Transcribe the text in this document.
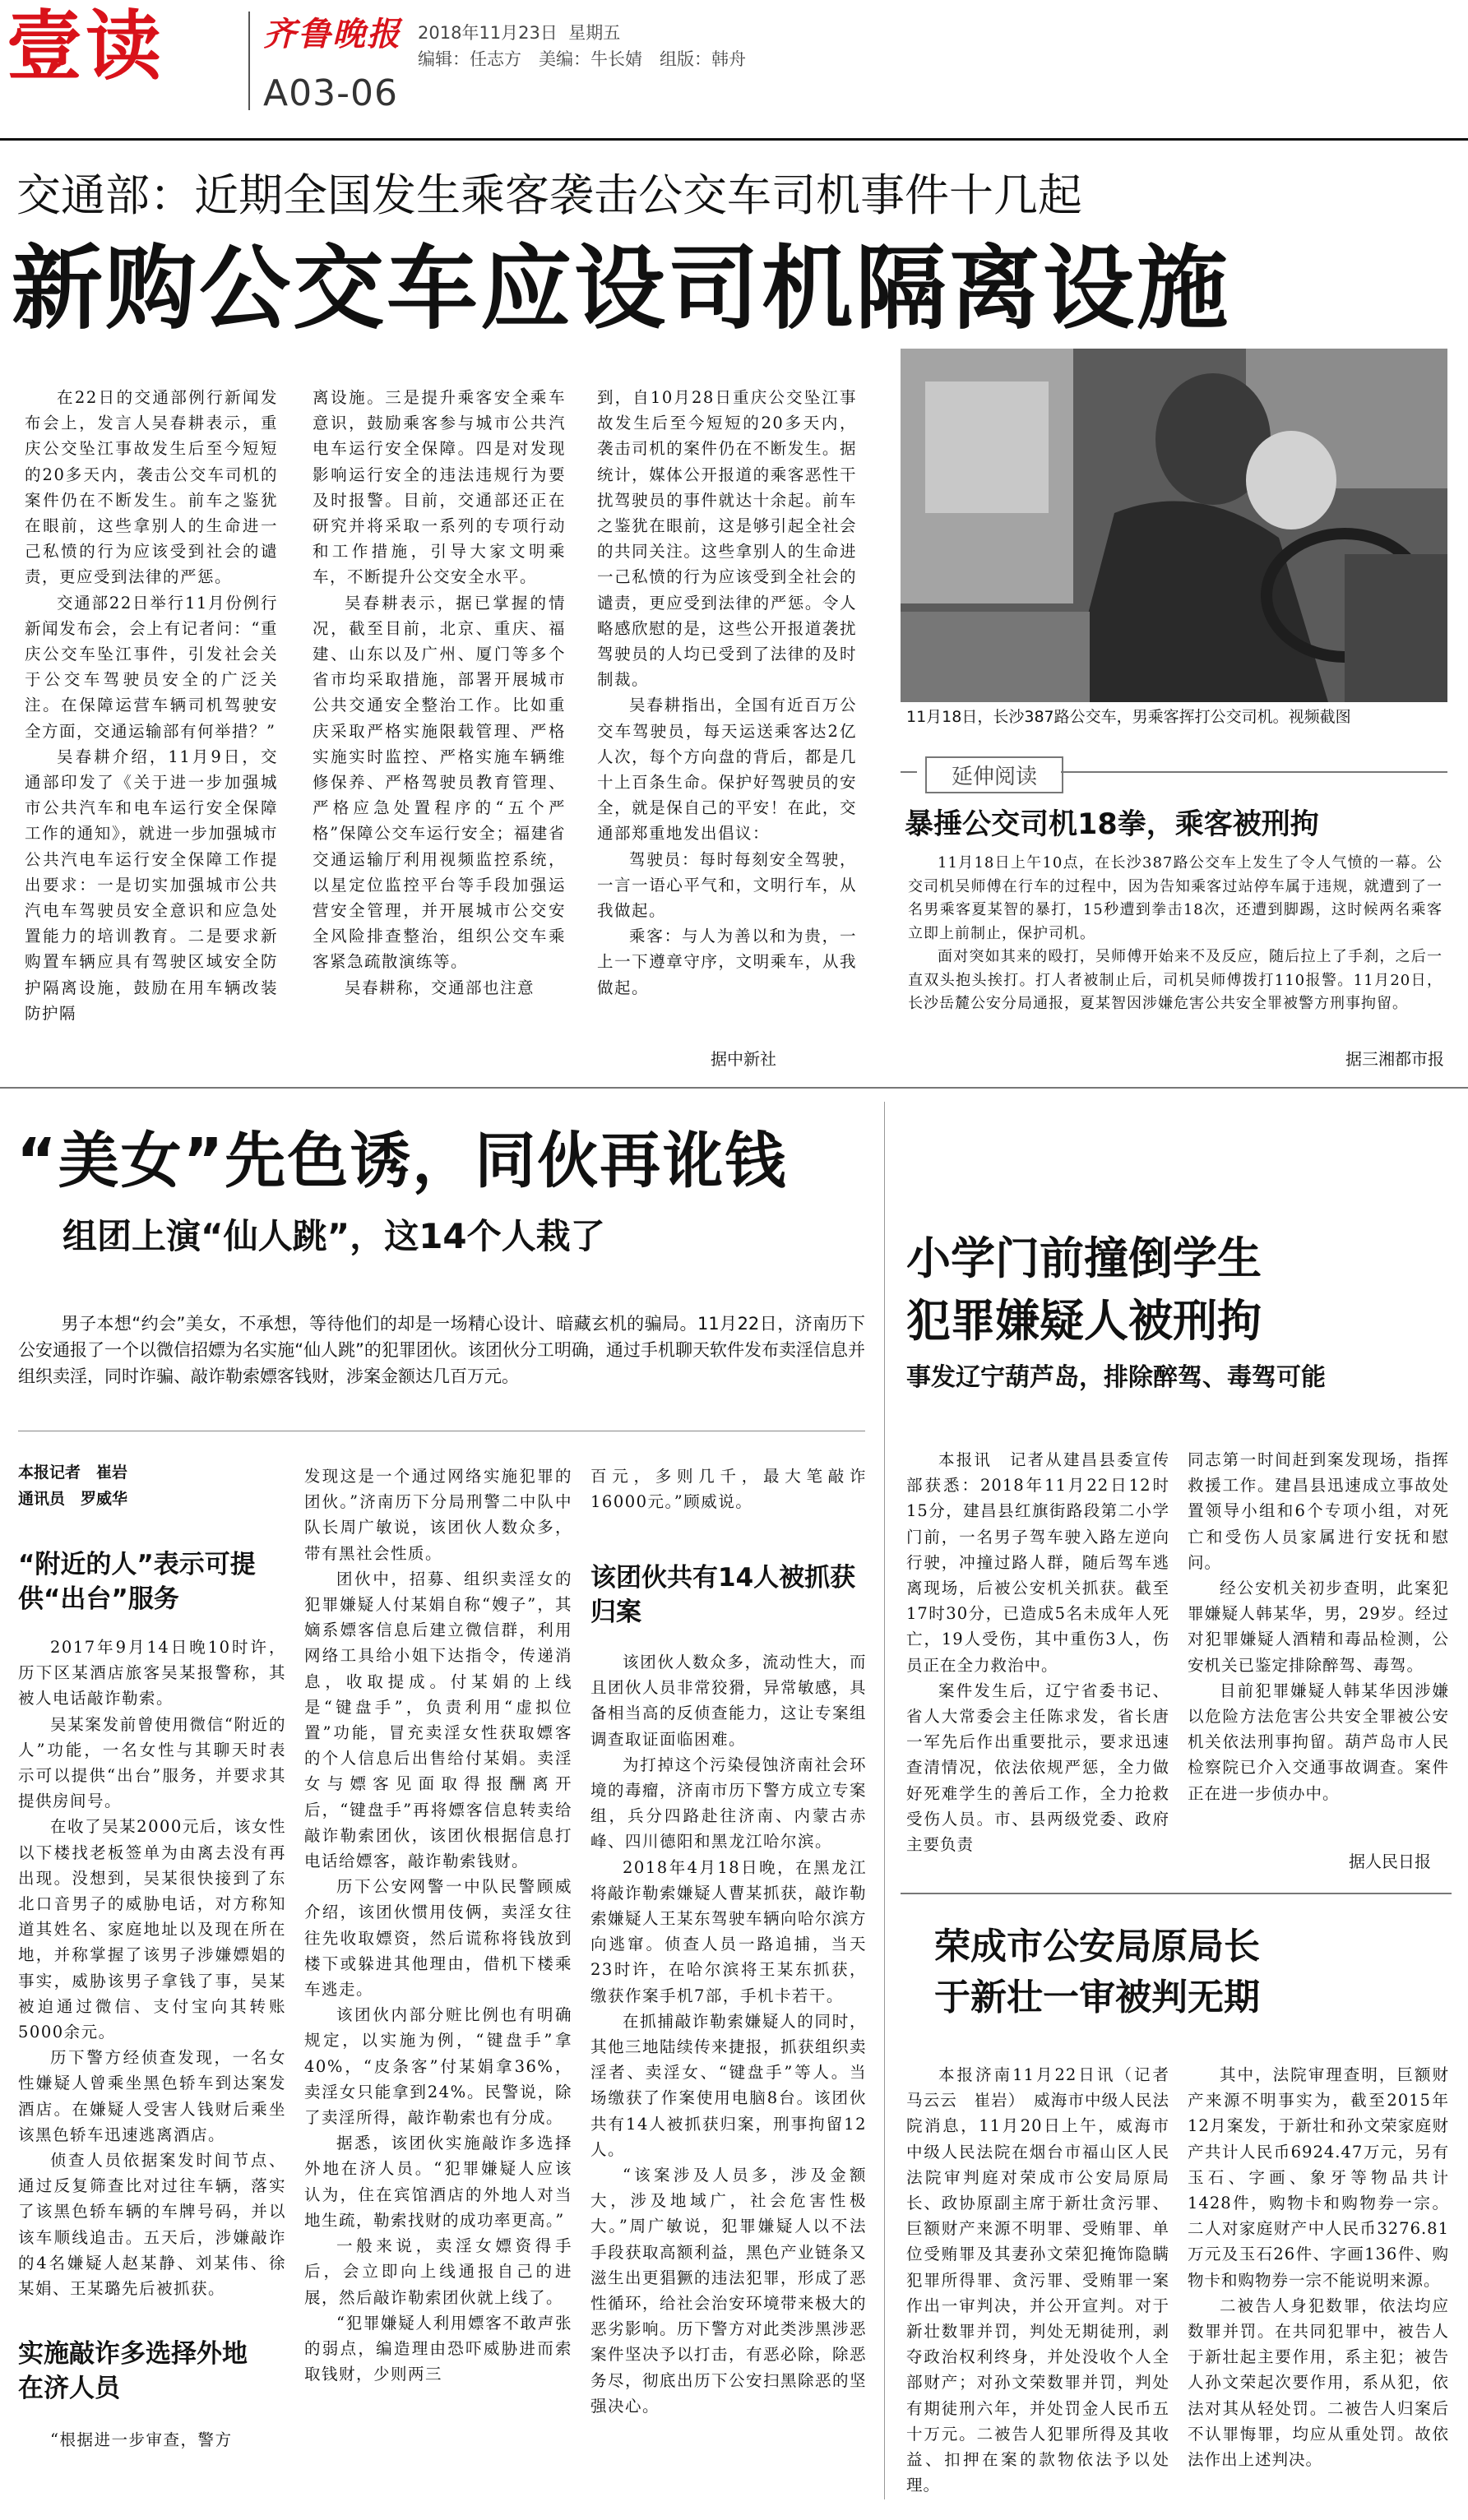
壹读	齐鲁晚报 2018年11月23日 星期五
编辑：任志方　美编：牛长婧　组版：韩舟
A03-06
交通部：近期全国发生乘客袭击公交车司机事件十几起
新购公交车应设司机隔离设施

在22日的交通部例行新闻发布会上，发言人吴春耕表示，重庆公交坠江事故发生后至今短短的20多天内，袭击公交车司机的案件仍在不断发生。前车之鉴犹在眼前，这些拿别人的生命进一己私愤的行为应该受到社会的谴责，更应受到法律的严惩。

交通部22日举行11月份例行新闻发布会，会上有记者问：“重庆公交车坠江事件，引发社会关于公交车驾驶员安全的广泛关注。在保障运营车辆司机驾驶安全方面，交通运输部有何举措？”

吴春耕介绍，11月9日，交通部印发了《关于进一步加强城市公共汽车和电车运行安全保障工作的通知》，就进一步加强城市公共汽电车运行安全保障工作提出要求：一是切实加强城市公共汽电车驾驶员安全意识和应急处置能力的培训教育。二是要求新购置车辆应具有驾驶区域安全防护隔离设施，鼓励在用车辆改装防护隔

离设施。三是提升乘客安全乘车意识，鼓励乘客参与城市公共汽电车运行安全保障。四是对发现影响运行安全的违法违规行为要及时报警。目前，交通部还正在研究并将采取一系列的专项行动和工作措施，引导大家文明乘车，不断提升公交安全水平。

吴春耕表示，据已掌握的情况，截至目前，北京、重庆、福建、山东以及广州、厦门等多个省市均采取措施，部署开展城市公共交通安全整治工作。比如重庆采取严格实施限载管理、严格实施实时监控、严格实施车辆维修保养、严格驾驶员教育管理、严格应急处置程序的“五个严格”保障公交车运行安全；福建省交通运输厅利用视频监控系统，以星定位监控平台等手段加强运营安全管理，并开展城市公交安全风险排查整治，组织公交车乘客紧急疏散演练等。

吴春耕称，交通部也注意

到，自10月28日重庆公交坠江事故发生后至今短短的20多天内，袭击司机的案件仍在不断发生。据统计，媒体公开报道的乘客恶性干扰驾驶员的事件就达十余起。前车之鉴犹在眼前，这是够引起全社会的共同关注。这些拿别人的生命进一己私愤的行为应该受到全社会的谴责，更应受到法律的严惩。令人略感欣慰的是，这些公开报道袭扰驾驶员的人均已受到了法律的及时制裁。

吴春耕指出，全国有近百万公交车驾驶员，每天运送乘客达2亿人次，每个方向盘的背后，都是几十上百条生命。保护好驾驶员的安全，就是保自己的平安！在此，交通部郑重地发出倡议：

驾驶员：每时每刻安全驾驶，一言一语心平气和，文明行车，从我做起。

乘客：与人为善以和为贵，一上一下遵章守序，文明乘车，从我做起。

据中新社
11月18日，长沙387路公交车，男乘客挥打公交司机。视频截图
延伸阅读
暴捶公交司机18拳，乘客被刑拘

11月18日上午10点，在长沙387路公交车上发生了令人气愤的一幕。公交司机吴师傅在行车的过程中，因为告知乘客过站停车属于违规，就遭到了一名男乘客夏某智的暴打，15秒遭到拳击18次，还遭到脚踢，这时候两名乘客立即上前制止，保护司机。

面对突如其来的殴打，吴师傅开始来不及反应，随后拉上了手刹，之后一直双头抱头挨打。打人者被制止后，司机吴师傅拨打110报警。11月20日，长沙岳麓公安分局通报，夏某智因涉嫌危害公共安全罪被警方刑事拘留。

据三湘都市报
“美女”先色诱，同伙再讹钱
组团上演“仙人跳”，这14个人栽了
男子本想“约会”美女，不承想，等待他们的却是一场精心设计、暗藏玄机的骗局。11月22日，济南历下公安通报了一个以微信招嫖为名实施“仙人跳”的犯罪团伙。该团伙分工明确，通过手机聊天软件发布卖淫信息并组织卖淫，同时诈骗、敲诈勒索嫖客钱财，涉案金额达几百万元。
本报记者　崔岩
通讯员　罗威华
“附近的人”表示可提供“出台”服务

2017年9月14日晚10时许，历下区某酒店旅客吴某报警称，其被人电话敲诈勒索。

吴某案发前曾使用微信“附近的人”功能，一名女性与其聊天时表示可以提供“出台”服务，并要求其提供房间号。

在收了吴某2000元后，该女性以下楼找老板签单为由离去没有再出现。没想到，吴某很快接到了东北口音男子的威胁电话，对方称知道其姓名、家庭地址以及现在所在地，并称掌握了该男子涉嫌嫖娼的事实，威胁该男子拿钱了事，吴某被迫通过微信、支付宝向其转账5000余元。

历下警方经侦查发现，一名女性嫌疑人曾乘坐黑色轿车到达案发酒店。在嫌疑人受害人钱财后乘坐该黑色轿车迅速逃离酒店。

侦查人员依据案发时间节点、通过反复筛查比对过往车辆，落实了该黑色轿车辆的车牌号码，并以该车顺线追击。五天后，涉嫌敲诈的4名嫌疑人赵某静、刘某伟、徐某娟、王某璐先后被抓获。

实施敲诈多选择外地在济人员

“根据进一步审查，警方

发现这是一个通过网络实施犯罪的团伙。”济南历下分局刑警二中队中队长周广敏说，该团伙人数众多，带有黑社会性质。

团伙中，招募、组织卖淫女的犯罪嫌疑人付某娟自称“嫂子”，其嫡系嫖客信息后建立微信群，利用网络工具给小姐下达指令，传递消息，收取提成。付某娟的上线是“键盘手”，负责利用“虚拟位置”功能，冒充卖淫女性获取嫖客的个人信息后出售给付某娟。卖淫女与嫖客见面取得报酬离开后，“键盘手”再将嫖客信息转卖给敲诈勒索团伙，该团伙根据信息打电话给嫖客，敲诈勒索钱财。

历下公安网警一中队民警顾威介绍，该团伙惯用伎俩，卖淫女往往先收取嫖资，然后谎称将钱放到楼下或躲进其他理由，借机下楼乘车逃走。

该团伙内部分赃比例也有明确规定，以实施为例，“键盘手”拿40%，“皮条客”付某娟拿36%，卖淫女只能拿到24%。民警说，除了卖淫所得，敲诈勒索也有分成。

据悉，该团伙实施敲诈多选择外地在济人员。“犯罪嫌疑人应该认为，住在宾馆酒店的外地人对当地生疏，勒索找财的成功率更高。”

一般来说，卖淫女嫖资得手后，会立即向上线通报自己的进展，然后敲诈勒索团伙就上线了。

“犯罪嫌疑人利用嫖客不敢声张的弱点，编造理由恐吓威胁进而索取钱财，少则两三

百元，多则几千，最大笔敲诈16000元。”顾威说。

该团伙共有14人被抓获归案

该团伙人数众多，流动性大，而且团伙人员非常狡猾，异常敏感，具备相当高的反侦查能力，这让专案组调查取证面临困难。

为打掉这个污染侵蚀济南社会环境的毒瘤，济南市历下警方成立专案组，兵分四路赴往济南、内蒙古赤峰、四川德阳和黑龙江哈尔滨。

2018年4月18日晚，在黑龙江将敲诈勒索嫌疑人曹某抓获，敲诈勒索嫌疑人王某东驾驶车辆向哈尔滨方向逃窜。侦查人员一路追捕，当天23时许，在哈尔滨将王某东抓获，缴获作案手机7部，手机卡若干。

在抓捕敲诈勒索嫌疑人的同时，其他三地陆续传来捷报，抓获组织卖淫者、卖淫女、“键盘手”等人。当场缴获了作案使用电脑8台。该团伙共有14人被抓获归案，刑事拘留12人。

“该案涉及人员多，涉及金额大，涉及地域广，社会危害性极大。”周广敏说，犯罪嫌疑人以不法手段获取高额利益，黑色产业链条又滋生出更猖獗的违法犯罪，形成了恶性循环，给社会治安环境带来极大的恶劣影响。历下警方对此类涉黑涉恶案件坚决予以打击，有恶必除，除恶务尽，彻底出历下公安扫黑除恶的坚强决心。

小学门前撞倒学生
犯罪嫌疑人被刑拘
事发辽宁葫芦岛，排除醉驾、毒驾可能

本报讯　记者从建昌县委宣传部获悉：2018年11月22日12时15分，建昌县红旗街路段第二小学门前，一名男子驾车驶入路左逆向行驶，冲撞过路人群，随后驾车逃离现场，后被公安机关抓获。截至17时30分，已造成5名未成年人死亡，19人受伤，其中重伤3人，伤员正在全力救治中。

案件发生后，辽宁省委书记、省人大常委会主任陈求发，省长唐一军先后作出重要批示，要求迅速查清情况，依法依规严惩，全力做好死难学生的善后工作，全力抢救受伤人员。市、县两级党委、政府主要负责

同志第一时间赶到案发现场，指挥救援工作。建昌县迅速成立事故处置领导小组和6个专项小组，对死亡和受伤人员家属进行安抚和慰问。

经公安机关初步查明，此案犯罪嫌疑人韩某华，男，29岁。经过对犯罪嫌疑人酒精和毒品检测，公安机关已鉴定排除醉驾、毒驾。

目前犯罪嫌疑人韩某华因涉嫌以危险方法危害公共安全罪被公安机关依法刑事拘留。葫芦岛市人民检察院已介入交通事故调查。案件正在进一步侦办中。

据人民日报
荣成市公安局原局长
于新壮一审被判无期

本报济南11月22日讯（记者　马云云　崔岩）　威海市中级人民法院消息，11月20日上午，威海市中级人民法院在烟台市福山区人民法院审判庭对荣成市公安局原局长、政协原副主席于新壮贪污罪、巨额财产来源不明罪、受贿罪、单位受贿罪及其妻孙文荣犯掩饰隐瞒犯罪所得罪、贪污罪、受贿罪一案作出一审判决，并公开宣判。对于新壮数罪并罚，判处无期徒刑，剥夺政治权利终身，并处没收个人全部财产；对孙文荣数罪并罚，判处有期徒刑六年，并处罚金人民币五十万元。二被告人犯罪所得及其收益、扣押在案的款物依法予以处理。

其中，法院审理查明，巨额财产来源不明事实为，截至2015年12月案发，于新壮和孙文荣家庭财产共计人民币6924.47万元，另有玉石、字画、象牙等物品共计1428件，购物卡和购物券一宗。二人对家庭财产中人民币3276.81万元及玉石26件、字画136件、购物卡和购物券一宗不能说明来源。

二被告人身犯数罪，依法均应数罪并罚。在共同犯罪中，被告人于新壮起主要作用，系主犯；被告人孙文荣起次要作用，系从犯，依法对其从轻处罚。二被告人归案后不认罪悔罪，均应从重处罚。故依法作出上述判决。
